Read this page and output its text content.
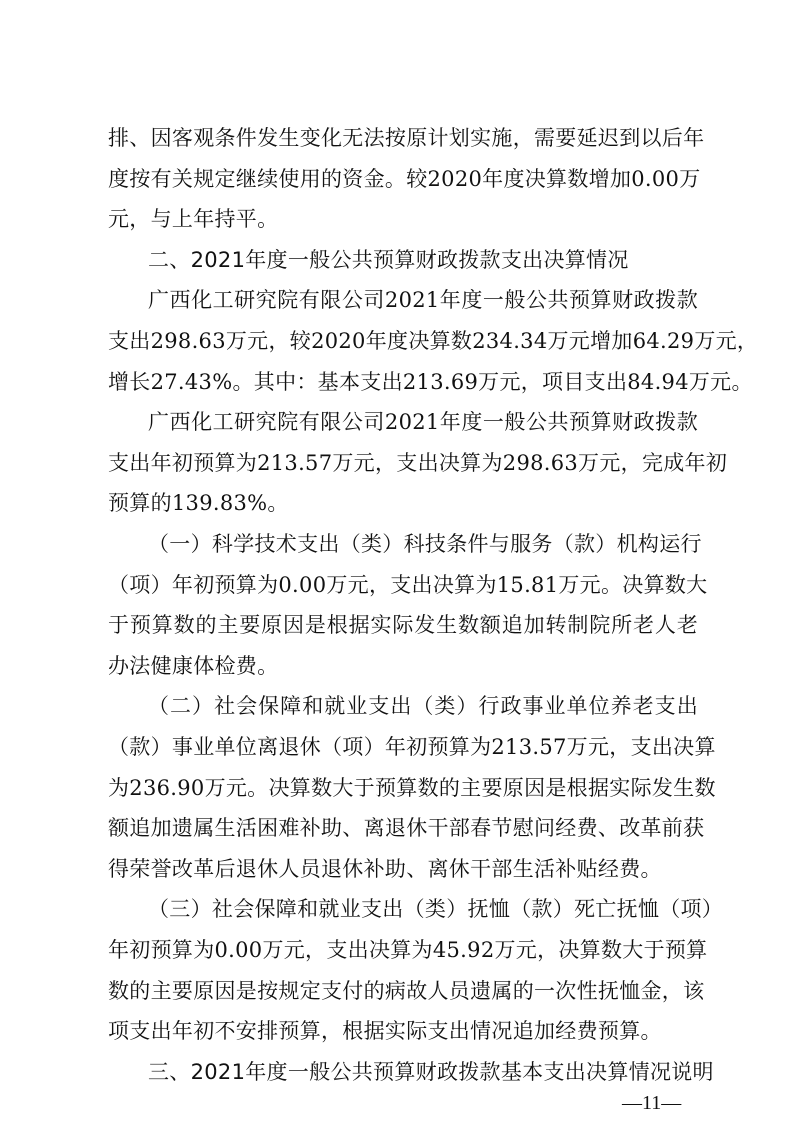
排、因客观条件发生变化无法按原计划实施，需要延迟到以后年
度按有关规定继续使用的资金。较2020年度决算数增加0.00万
元，与上年持平。
二、2021年度一般公共预算财政拨款支出决算情况
广西化工研究院有限公司2021年度一般公共预算财政拨款
支出298.63万元，较2020年度决算数234.34万元增加64.29万元，
增长27.43%。其中：基本支出213.69万元，项目支出84.94万元。
广西化工研究院有限公司2021年度一般公共预算财政拨款
支出年初预算为213.57万元，支出决算为298.63万元，完成年初
预算的139.83%。
（一）科学技术支出（类）科技条件与服务（款）机构运行
（项）年初预算为0.00万元，支出决算为15.81万元。决算数大
于预算数的主要原因是根据实际发生数额追加转制院所老人老
办法健康体检费。
（二）社会保障和就业支出（类）行政事业单位养老支出
（款）事业单位离退休（项）年初预算为213.57万元，支出决算
为236.90万元。决算数大于预算数的主要原因是根据实际发生数
额追加遗属生活困难补助、离退休干部春节慰问经费、改革前获
得荣誉改革后退休人员退休补助、离休干部生活补贴经费。
（三）社会保障和就业支出（类）抚恤（款）死亡抚恤（项）
年初预算为0.00万元，支出决算为45.92万元，决算数大于预算
数的主要原因是按规定支付的病故人员遗属的一次性抚恤金，该
项支出年初不安排预算，根据实际支出情况追加经费预算。
三、2021年度一般公共预算财政拨款基本支出决算情况说明
—11—
